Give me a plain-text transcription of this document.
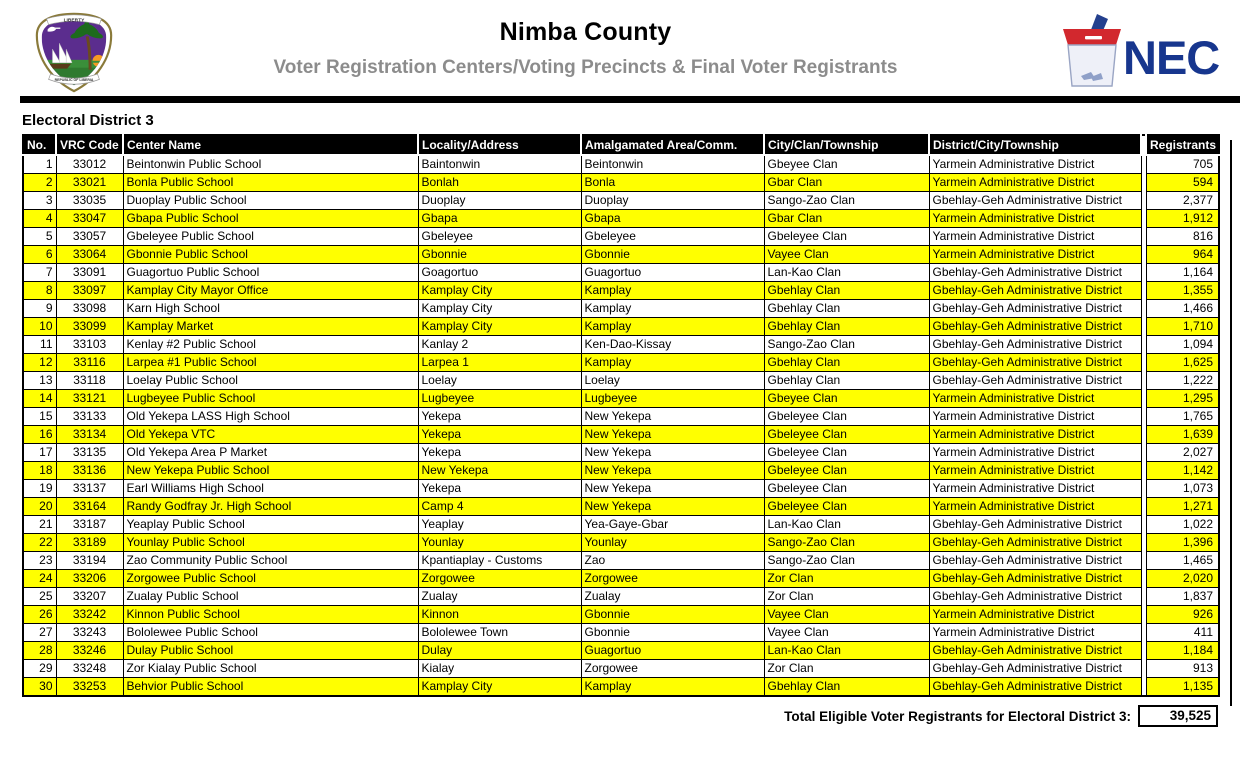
LIBERTY
REPUBLIC OF LIBERIA
Nimba County
Voter Registration Centers/Voting Precincts & Final Voter Registrants	NEC
Electoral District 3
No.	VRC Code	Center Name	Locality/Address	Amalgamated Area/Comm.	City/Clan/Township	District/City/Township		Registrants
1	33012	Beintonwin Public School	Baintonwin	Beintonwin	Gbeyee Clan	Yarmein Administrative District		705
2	33021	Bonla Public School	Bonlah	Bonla	Gbar Clan	Yarmein Administrative District		594
3	33035	Duoplay Public School	Duoplay	Duoplay	Sango-Zao Clan	Gbehlay-Geh Administrative District		2,377
4	33047	Gbapa Public School	Gbapa	Gbapa	Gbar Clan	Yarmein Administrative District		1,912
5	33057	Gbeleyee Public School	Gbeleyee	Gbeleyee	Gbeleyee Clan	Yarmein Administrative District		816
6	33064	Gbonnie Public School	Gbonnie	Gbonnie	Vayee Clan	Yarmein Administrative District		964
7	33091	Guagortuo Public School	Goagortuo	Guagortuo	Lan-Kao Clan	Gbehlay-Geh Administrative District		1,164
8	33097	Kamplay City Mayor Office	Kamplay City	Kamplay	Gbehlay Clan	Gbehlay-Geh Administrative District		1,355
9	33098	Karn High School	Kamplay City	Kamplay	Gbehlay Clan	Gbehlay-Geh Administrative District		1,466
10	33099	Kamplay Market	Kamplay City	Kamplay	Gbehlay Clan	Gbehlay-Geh Administrative District		1,710
11	33103	Kenlay #2 Public School	Kanlay 2	Ken-Dao-Kissay	Sango-Zao Clan	Gbehlay-Geh Administrative District		1,094
12	33116	Larpea #1 Public School	Larpea 1	Kamplay	Gbehlay Clan	Gbehlay-Geh Administrative District		1,625
13	33118	Loelay Public School	Loelay	Loelay	Gbehlay Clan	Gbehlay-Geh Administrative District		1,222
14	33121	Lugbeyee Public School	Lugbeyee	Lugbeyee	Gbeyee Clan	Yarmein Administrative District		1,295
15	33133	Old Yekepa LASS High School	Yekepa	New Yekepa	Gbeleyee Clan	Yarmein Administrative District		1,765
16	33134	Old Yekepa VTC	Yekepa	New Yekepa	Gbeleyee Clan	Yarmein Administrative District		1,639
17	33135	Old Yekepa Area P Market	Yekepa	New Yekepa	Gbeleyee Clan	Yarmein Administrative District		2,027
18	33136	New Yekepa Public School	New Yekepa	New Yekepa	Gbeleyee Clan	Yarmein Administrative District		1,142
19	33137	Earl Williams High School	Yekepa	New Yekepa	Gbeleyee Clan	Yarmein Administrative District		1,073
20	33164	Randy Godfray Jr. High School	Camp 4	New Yekepa	Gbeleyee Clan	Yarmein Administrative District		1,271
21	33187	Yeaplay Public School	Yeaplay	Yea-Gaye-Gbar	Lan-Kao Clan	Gbehlay-Geh Administrative District		1,022
22	33189	Younlay Public School	Younlay	Younlay	Sango-Zao Clan	Gbehlay-Geh Administrative District		1,396
23	33194	Zao Community Public School	Kpantiaplay - Customs	Zao	Sango-Zao Clan	Gbehlay-Geh Administrative District		1,465
24	33206	Zorgowee Public School	Zorgowee	Zorgowee	Zor Clan	Gbehlay-Geh Administrative District		2,020
25	33207	Zualay Public School	Zualay	Zualay	Zor Clan	Gbehlay-Geh Administrative District		1,837
26	33242	Kinnon Public School	Kinnon	Gbonnie	Vayee Clan	Yarmein Administrative District		926
27	33243	Bololewee Public School	Bololewee Town	Gbonnie	Vayee Clan	Yarmein Administrative District		411
28	33246	Dulay Public School	Dulay	Guagortuo	Lan-Kao Clan	Gbehlay-Geh Administrative District		1,184
29	33248	Zor Kialay Public School	Kialay	Zorgowee	Zor Clan	Gbehlay-Geh Administrative District		913
30	33253	Behvior Public School	Kamplay City	Kamplay	Gbehlay Clan	Gbehlay-Geh Administrative District		1,135
Total Eligible Voter Registrants for Electoral District 3:	39,525
